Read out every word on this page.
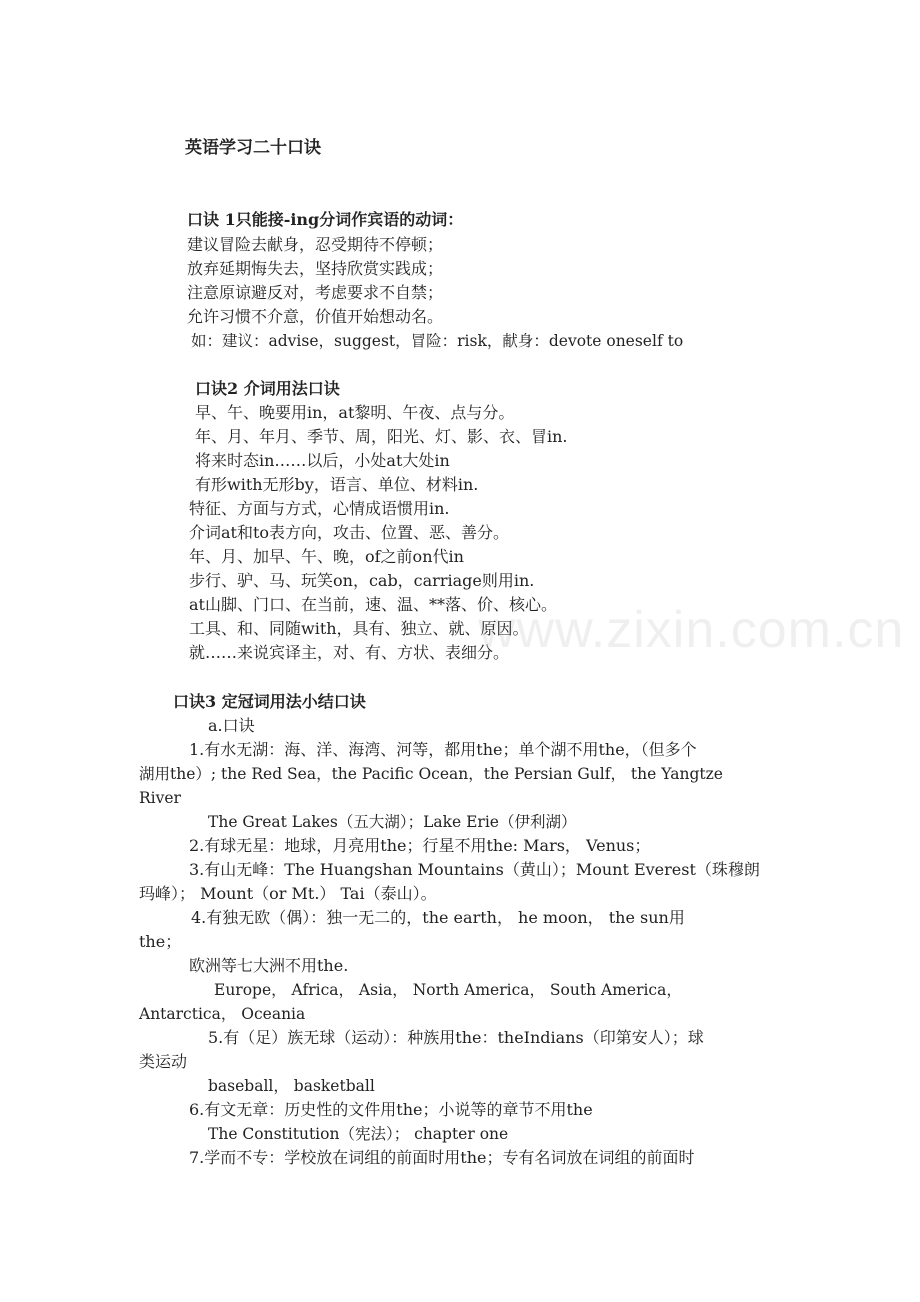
www.zixin.com.cn
英语学习二十口诀
口诀 1只能接-ing分词作宾语的动词：
建议冒险去献身，忍受期待不停顿；
放弃延期悔失去，坚持欣赏实践成；
注意原谅避反对，考虑要求不自禁；
允许习惯不介意，价值开始想动名。
如：建议：advise，suggest，冒险：risk，献身：devote oneself to
口诀2 介词用法口诀
早、午、晚要用in，at黎明、午夜、点与分。
年、月、年月、季节、周，阳光、灯、影、衣、冒in.
将来时态in……以后，小处at大处in
有形with无形by，语言、单位、材料in.
特征、方面与方式，心情成语惯用in.
介词at和to表方向，攻击、位置、恶、善分。
年、月、加早、午、晚，of之前on代in
步行、驴、马、玩笑on，cab，carriage则用in.
at山脚、门口、在当前，速、温、**落、价、核心。
工具、和、同随with，具有、独立、就、原因。
就……来说宾译主，对、有、方状、表细分。
口诀3 定冠词用法小结口诀
a.口诀
1.有水无湖：海、洋、海湾、河等，都用the；单个湖不用the，（但多个
湖用the）; the Red Sea，the Pacific Ocean，the Persian Gulf， the Yangtze
River
The Great Lakes（五大湖）；Lake Erie（伊利湖）
2.有球无星：地球，月亮用the；行星不用the: Mars， Venus；
3.有山无峰：The Huangshan Mountains（黄山）；Mount Everest（珠穆朗
玛峰）； Mount（or Mt.） Tai（泰山）。
4.有独无欧（偶）：独一无二的，the earth， he moon， the sun用
the；
欧洲等七大洲不用the.
Europe， Africa， Asia， North America， South America，
Antarctica， Oceania
5.有（足）族无球（运动）：种族用the：theIndians（印第安人）；球
类运动
baseball， basketball
6.有文无章：历史性的文件用the；小说等的章节不用the
The Constitution（宪法）； chapter one
7.学而不专：学校放在词组的前面时用the；专有名词放在词组的前面时
